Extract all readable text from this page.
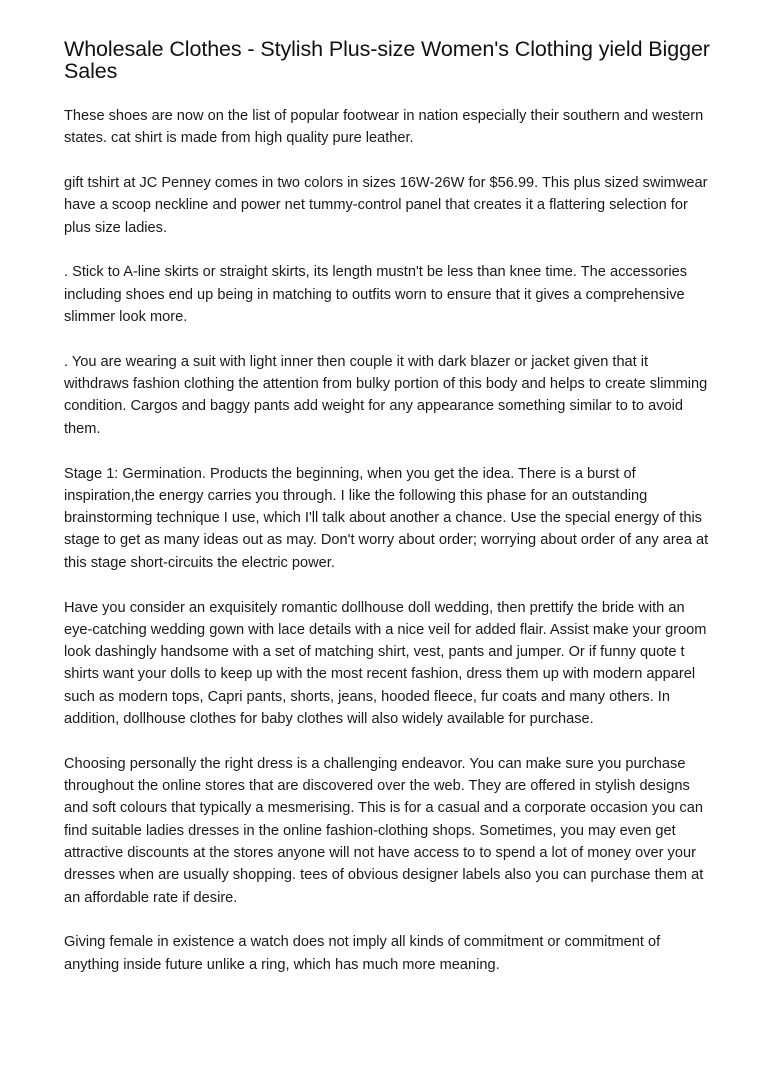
Wholesale Clothes - Stylish Plus-size Women's Clothing yield Bigger Sales

These shoes are now on the list of popular footwear in nation especially their southern and western states. cat shirt is made from high quality pure leather.

gift tshirt at JC Penney comes in two colors in sizes 16W-26W for $56.99. This plus sized swimwear have a scoop neckline and power net tummy-control panel that creates it a flattering selection for plus size ladies.

. Stick to A-line skirts or straight skirts, its length mustn't be less than knee time. The accessories including shoes end up being in matching to outfits worn to ensure that it gives a comprehensive slimmer look more.

. You are wearing a suit with light inner then couple it with dark blazer or jacket given that it withdraws fashion clothing the attention from bulky portion of this body and helps to create slimming condition. Cargos and baggy pants add weight for any appearance something similar to to avoid them.

Stage 1: Germination. Products the beginning, when you get the idea. There is a burst of inspiration,the energy carries you through. I like the following this phase for an outstanding brainstorming technique I use, which I'll talk about another a chance. Use the special energy of this stage to get as many ideas out as may. Don't worry about order; worrying about order of any area at this stage short-circuits the electric power.

Have you consider an exquisitely romantic dollhouse doll wedding, then prettify the bride with an eye-catching wedding gown with lace details with a nice veil for added flair. Assist make your groom look dashingly handsome with a set of matching shirt, vest, pants and jumper. Or if funny quote t shirts want your dolls to keep up with the most recent fashion, dress them up with modern apparel such as modern tops, Capri pants, shorts, jeans, hooded fleece, fur coats and many others. In addition, dollhouse clothes for baby clothes will also widely available for purchase.

Choosing personally the right dress is a challenging endeavor. You can make sure you purchase throughout the online stores that are discovered over the web. They are offered in stylish designs and soft colours that typically a mesmerising. This is for a casual and a corporate occasion you can find suitable ladies dresses in the online fashion-clothing shops. Sometimes, you may even get attractive discounts at the stores anyone will not have access to to spend a lot of money over your dresses when are usually shopping. tees of obvious designer labels also you can purchase them at an affordable rate if desire.

Giving female in existence a watch does not imply all kinds of commitment or commitment of anything inside future unlike a ring, which has much more meaning.
